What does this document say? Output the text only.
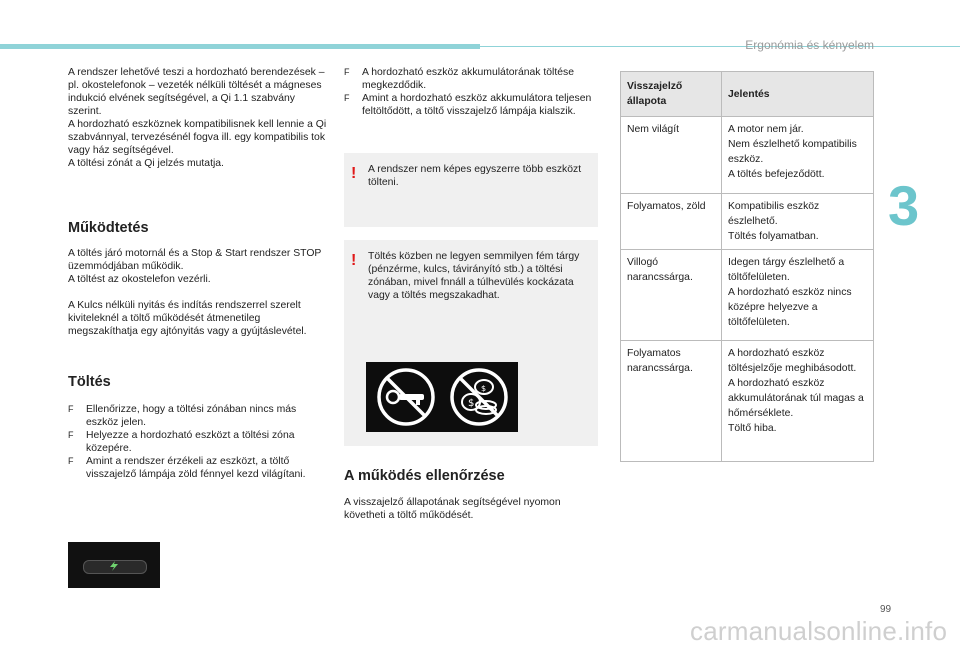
Ergonómia és kényelem
3

A rendszer lehetővé teszi a hordozható berendezések – pl. okostelefonok – vezeték nélküli töltését a mágneses indukció elvének segítségével, a Qi 1.1 szabvány szerint.
A hordozható eszköznek kompatibilisnek kell lennie a Qi szabvánnyal, tervezésénél fogva ill. egy kompatibilis tok vagy ház segítségével.
A töltési zónát a Qi jelzés mutatja.

Működtetés

A töltés járó motornál és a Stop & Start rendszer STOP üzemmódjában működik.
A töltést az okostelefon vezérli.

A Kulcs nélküli nyitás és indítás rendszerrel szerelt kiviteleknél a töltő működését átmenetileg megszakíthatja egy ajtónyitás vagy a gyújtáslevétel.

Töltés
F Ellenőrizze, hogy a töltési zónában nincs más eszköz jelen.
F Helyezze a hordozható eszközt a töltési zóna közepére.
F Amint a rendszer érzékeli az eszközt, a töltő visszajelző lámpája zöld fénnyel kezd világítani.
F A hordozható eszköz akkumulátorának töltése megkezdődik.
F Amint a hordozható eszköz akkumulátora teljesen feltöltődött, a töltő visszajelző lámpája kialszik.
!	A rendszer nem képes egyszerre több eszközt tölteni.

!	Töltés közben ne legyen semmilyen fém tárgy (pénzérme, kulcs, távirányító stb.) a töltési zónában, mivel fnnáll a túlhevülés kockázata vagy a töltés megszakadhat.

$
$
A működés ellenőrzése

A visszajelző állapotának segítségével nyomon követheti a töltő működését.

Visszajelző állapota	Jelentés
Nem világít	A motor nem jár.
Nem észlelhető kompatibilis eszköz.
A töltés befejeződött.

Folyamatos, zöld	Kompatibilis eszköz észlelhető.
Töltés folyamatban.

Villogó narancssárga.	Idegen tárgy észlelhető a töltőfelületen.
A hordozható eszköz nincs középre helyezve a töltőfelületen.

Folyamatos narancssárga.	A hordozható eszköz töltésjelzője meghibásodott.
A hordozható eszköz akkumulátorának túl magas a hőmérséklete.
Töltő hiba.
99
carmanualsonline.info
